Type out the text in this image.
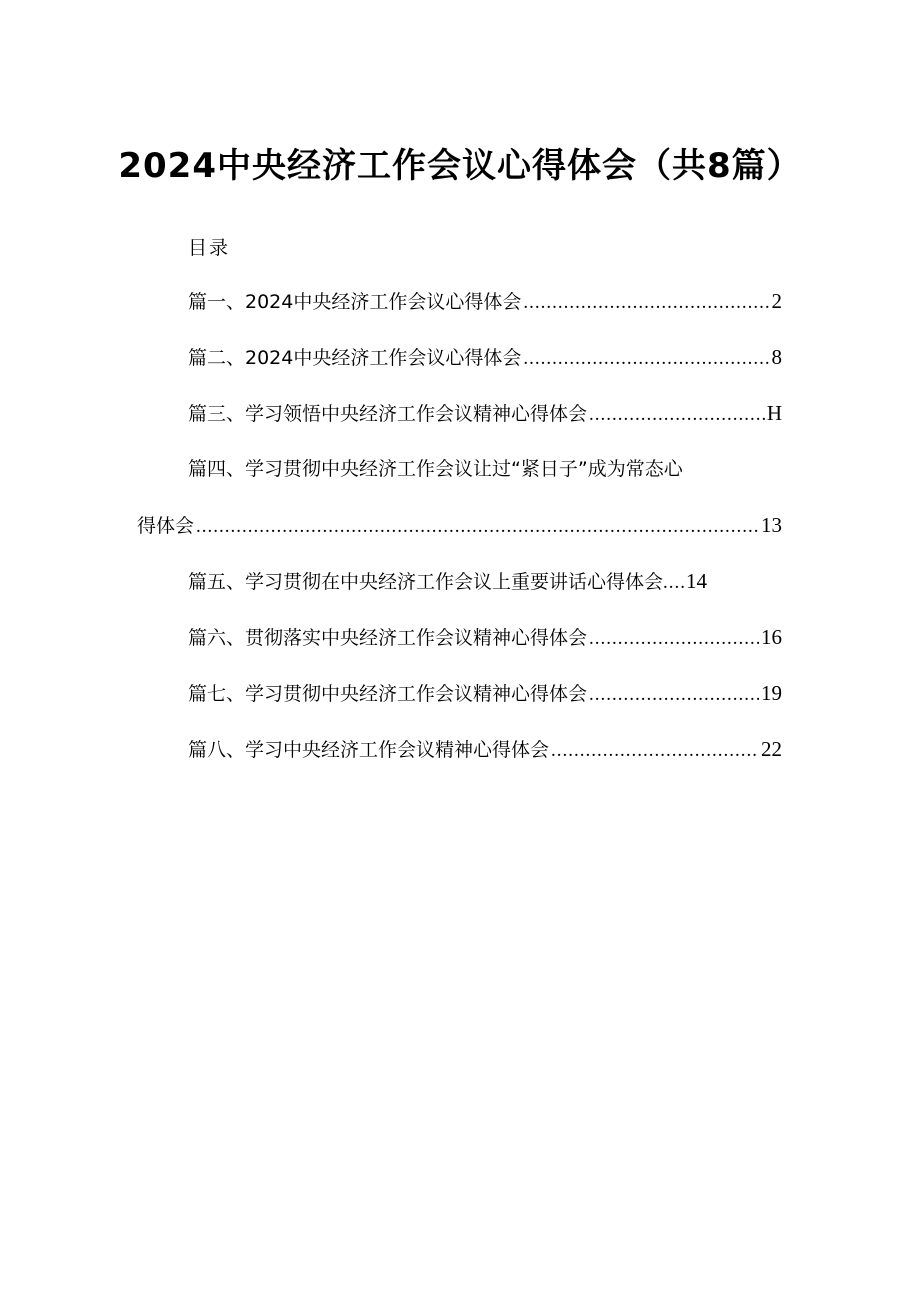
2024中央经济工作会议心得体会（共8篇）
目录
篇一、2024中央经济工作会议心得体会 .....	2
篇二、2024中央经济工作会议心得体会 .....	8
篇三、学习领悟中央经济工作会议精神心得体会 .....	H
篇四、学习贯彻中央经济工作会议让过“紧日子”成为常态心
得体会 .....	13
篇五、学习贯彻在中央经济工作会议上重要讲话心得体会....14
篇六、贯彻落实中央经济工作会议精神心得体会 .....	16
篇七、学习贯彻中央经济工作会议精神心得体会 .....	19
篇八、学习中央经济工作会议精神心得体会 .....	22
